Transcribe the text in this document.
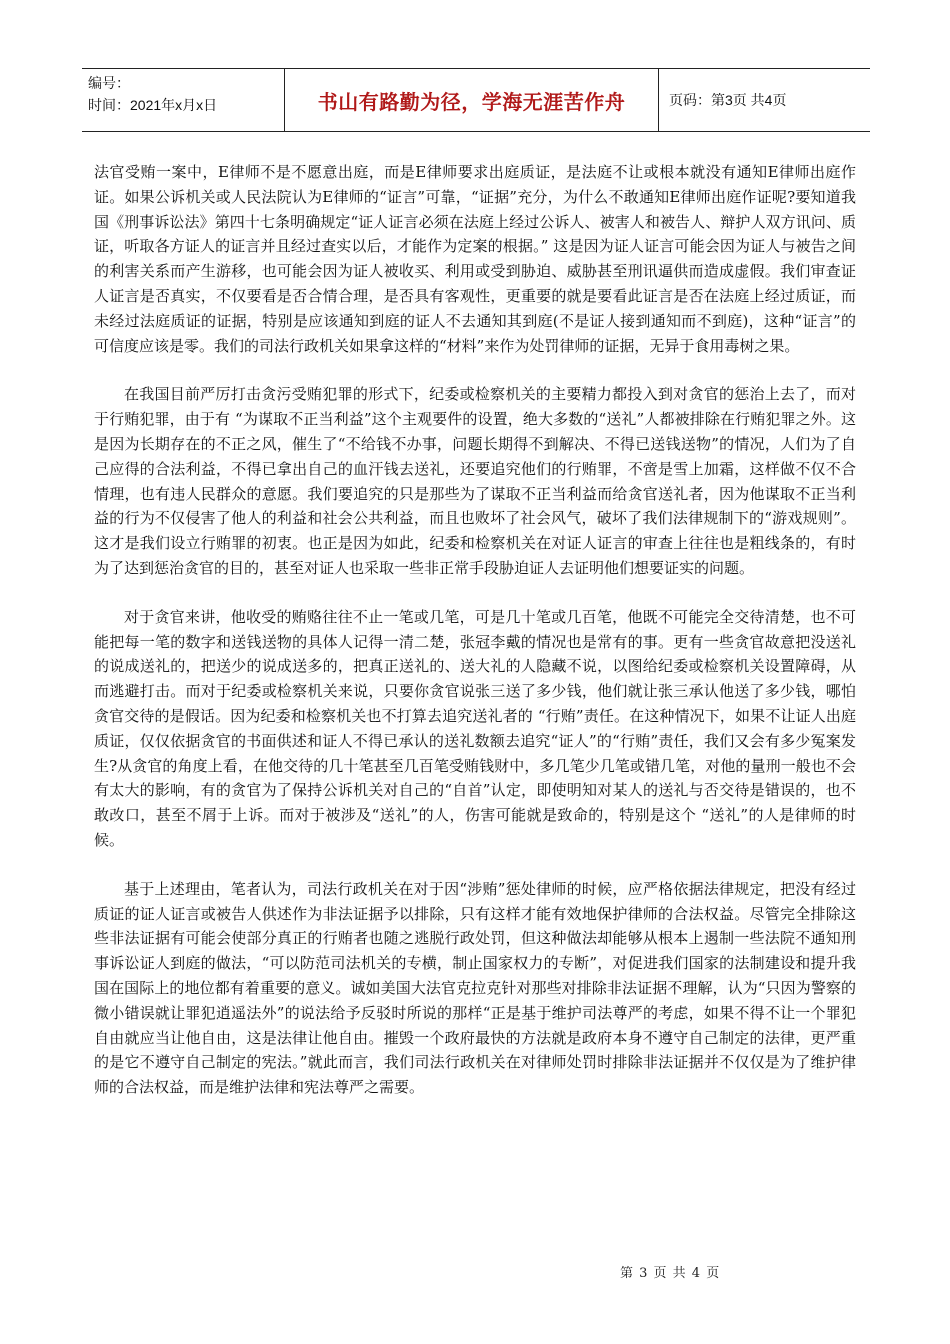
编号：
时间：2021年x月x日	书山有路勤为径，学海无涯苦作舟	页码：第3页 共4页

法官受贿一案中，E律师不是不愿意出庭，而是E律师要求出庭质证，是法庭不让或根本就没有通知E律师出庭作证。如果公诉机关或人民法院认为E律师的“证言”可靠，“证据”充分，为什么不敢通知E律师出庭作证呢?要知道我国《刑事诉讼法》第四十七条明确规定“证人证言必须在法庭上经过公诉人、被害人和被告人、辩护人双方讯问、质证，听取各方证人的证言并且经过查实以后，才能作为定案的根据。” 这是因为证人证言可能会因为证人与被告之间的利害关系而产生游移，也可能会因为证人被收买、利用或受到胁迫、威胁甚至刑讯逼供而造成虚假。我们审查证人证言是否真实，不仅要看是否合情合理，是否具有客观性，更重要的就是要看此证言是否在法庭上经过质证，而未经过法庭质证的证据，特别是应该通知到庭的证人不去通知其到庭(不是证人接到通知而不到庭)，这种“证言”的可信度应该是零。我们的司法行政机关如果拿这样的“材料”来作为处罚律师的证据，无异于食用毒树之果。

在我国目前严厉打击贪污受贿犯罪的形式下，纪委或检察机关的主要精力都投入到对贪官的惩治上去了，而对于行贿犯罪，由于有 “为谋取不正当利益”这个主观要件的设置，绝大多数的“送礼”人都被排除在行贿犯罪之外。这是因为长期存在的不正之风，催生了“不给钱不办事，问题长期得不到解决、不得已送钱送物”的情况，人们为了自己应得的合法利益，不得已拿出自己的血汗钱去送礼，还要追究他们的行贿罪，不啻是雪上加霜，这样做不仅不合情理，也有违人民群众的意愿。我们要追究的只是那些为了谋取不正当利益而给贪官送礼者，因为他谋取不正当利益的行为不仅侵害了他人的利益和社会公共利益，而且也败坏了社会风气，破坏了我们法律规制下的“游戏规则”。这才是我们设立行贿罪的初衷。也正是因为如此，纪委和检察机关在对证人证言的审查上往往也是粗线条的，有时为了达到惩治贪官的目的，甚至对证人也采取一些非正常手段胁迫证人去证明他们想要证实的问题。

对于贪官来讲，他收受的贿赂往往不止一笔或几笔，可是几十笔或几百笔，他既不可能完全交待清楚，也不可能把每一笔的数字和送钱送物的具体人记得一清二楚，张冠李戴的情况也是常有的事。更有一些贪官故意把没送礼的说成送礼的，把送少的说成送多的，把真正送礼的、送大礼的人隐藏不说，以图给纪委或检察机关设置障碍，从而逃避打击。而对于纪委或检察机关来说，只要你贪官说张三送了多少钱，他们就让张三承认他送了多少钱，哪怕贪官交待的是假话。因为纪委和检察机关也不打算去追究送礼者的 “行贿”责任。在这种情况下，如果不让证人出庭质证，仅仅依据贪官的书面供述和证人不得已承认的送礼数额去追究“证人”的“行贿”责任，我们又会有多少冤案发生?从贪官的角度上看，在他交待的几十笔甚至几百笔受贿钱财中，多几笔少几笔或错几笔，对他的量刑一般也不会有太大的影响，有的贪官为了保持公诉机关对自己的“自首”认定，即使明知对某人的送礼与否交待是错误的，也不敢改口，甚至不屑于上诉。而对于被涉及“送礼”的人，伤害可能就是致命的，特别是这个 “送礼”的人是律师的时候。

基于上述理由，笔者认为，司法行政机关在对于因“涉贿”惩处律师的时候，应严格依据法律规定，把没有经过质证的证人证言或被告人供述作为非法证据予以排除，只有这样才能有效地保护律师的合法权益。尽管完全排除这些非法证据有可能会使部分真正的行贿者也随之逃脱行政处罚，但这种做法却能够从根本上遏制一些法院不通知刑事诉讼证人到庭的做法，“可以防范司法机关的专横，制止国家权力的专断”，对促进我们国家的法制建设和提升我国在国际上的地位都有着重要的意义。诚如美国大法官克拉克针对那些对排除非法证据不理解，认为“只因为警察的微小错误就让罪犯逍遥法外”的说法给予反驳时所说的那样“正是基于维护司法尊严的考虑，如果不得不让一个罪犯自由就应当让他自由，这是法律让他自由。摧毁一个政府最快的方法就是政府本身不遵守自己制定的法律，更严重的是它不遵守自己制定的宪法。”就此而言，我们司法行政机关在对律师处罚时排除非法证据并不仅仅是为了维护律师的合法权益，而是维护法律和宪法尊严之需要。

第 3 页 共 4 页
